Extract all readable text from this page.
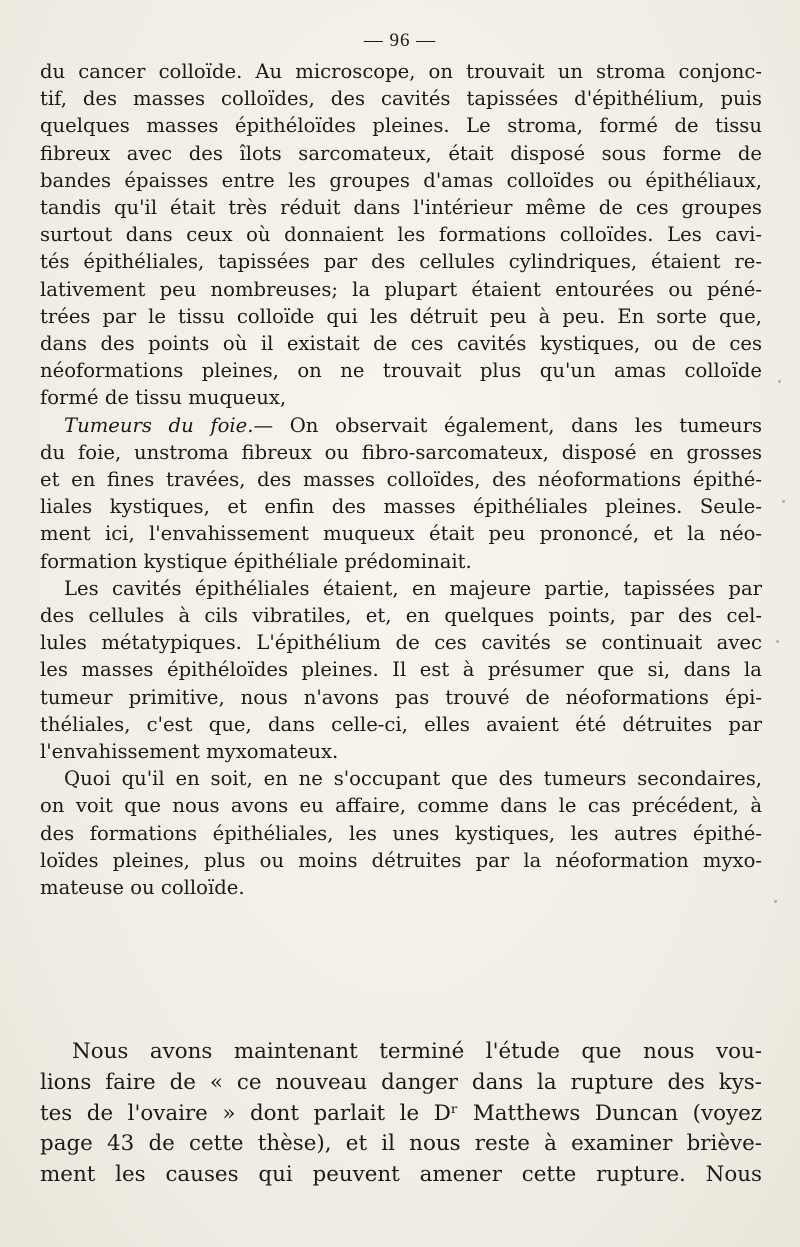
— 96 —
du cancer colloïde. Au microscope, on trouvait un stroma conjonc-
tif, des masses colloïdes, des cavités tapissées d'épithélium, puis
quelques masses épithéloïdes pleines. Le stroma, formé de tissu
fibreux avec des îlots sarcomateux, était disposé sous forme de
bandes épaisses entre les groupes d'amas colloïdes ou épithéliaux,
tandis qu'il était très réduit dans l'intérieur même de ces groupes
surtout dans ceux où donnaient les formations colloïdes. Les cavi-
tés épithéliales, tapissées par des cellules cylindriques, étaient re-
lativement peu nombreuses; la plupart étaient entourées ou péné-
trées par le tissu colloïde qui les détruit peu à peu. En sorte que,
dans des points où il existait de ces cavités kystiques, ou de ces
néoformations pleines, on ne trouvait plus qu'un amas colloïde
formé de tissu muqueux,
Tumeurs du foie.— On observait également, dans les tumeurs
du foie, unstroma fibreux ou fibro-sarcomateux, disposé en grosses
et en fines travées, des masses colloïdes, des néoformations épithé-
liales kystiques, et enfin des masses épithéliales pleines. Seule-
ment ici, l'envahissement muqueux était peu prononcé, et la néo-
formation kystique épithéliale prédominait.
Les cavités épithéliales étaient, en majeure partie, tapissées par
des cellules à cils vibratiles, et, en quelques points, par des cel-
lules métatypiques. L'épithélium de ces cavités se continuait avec
les masses épithéloïdes pleines. Il est à présumer que si, dans la
tumeur primitive, nous n'avons pas trouvé de néoformations épi-
théliales, c'est que, dans celle-ci, elles avaient été détruites par
l'envahissement myxomateux.
Quoi qu'il en soit, en ne s'occupant que des tumeurs secondaires,
on voit que nous avons eu affaire, comme dans le cas précédent, à
des formations épithéliales, les unes kystiques, les autres épithé-
loïdes pleines, plus ou moins détruites par la néoformation myxo-
mateuse ou colloïde.
Nous avons maintenant terminé l'étude que nous vou-
lions faire de « ce nouveau danger dans la rupture des kys-
tes de l'ovaire » dont parlait le Dʳ Matthews Duncan (voyez
page 43 de cette thèse), et il nous reste à examiner briève-
ment les causes qui peuvent amener cette rupture. Nous
